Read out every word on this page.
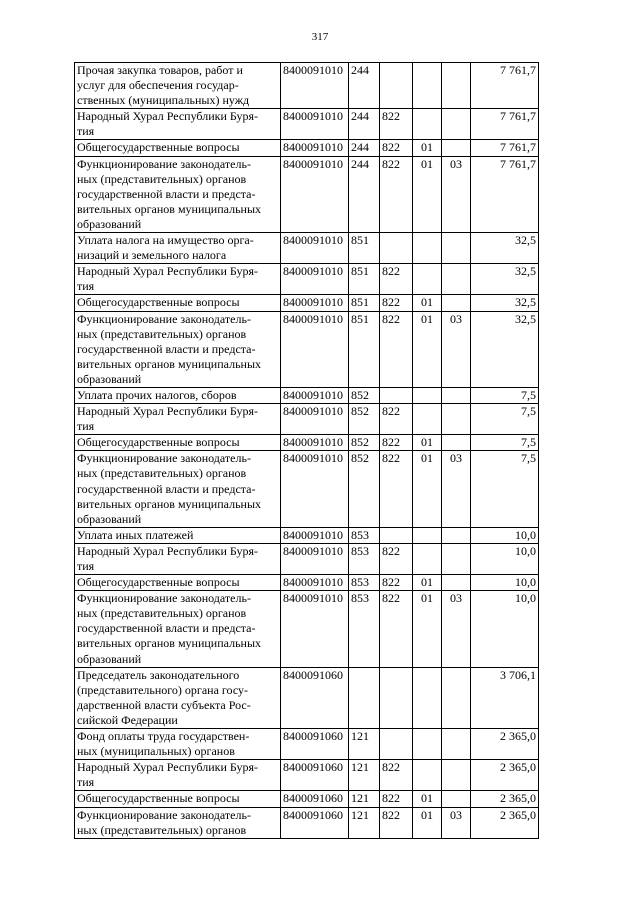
317
Прочая закупка товаров, работ и
услуг для обеспечения государ-
ственных (муниципальных) нужд	8400091010	244				7 761,7

Народный Хурал Республики Буря-
тия	8400091010	244	822			7 761,7

Общегосударственные вопросы	8400091010	244	822	01		7 761,7

Функционирование законодатель-
ных (представительных) органов
государственной власти и предста-
вительных органов муниципальных
образований	8400091010	244	822	01	03	7 761,7

Уплата налога на имущество орга-
низаций и земельного налога	8400091010	851				32,5

Народный Хурал Республики Буря-
тия	8400091010	851	822			32,5

Общегосударственные вопросы	8400091010	851	822	01		32,5

Функционирование законодатель-
ных (представительных) органов
государственной власти и предста-
вительных органов муниципальных
образований	8400091010	851	822	01	03	32,5

Уплата прочих налогов, сборов	8400091010	852				7,5

Народный Хурал Республики Буря-
тия	8400091010	852	822			7,5

Общегосударственные вопросы	8400091010	852	822	01		7,5

Функционирование законодатель-
ных (представительных) органов
государственной власти и предста-
вительных органов муниципальных
образований	8400091010	852	822	01	03	7,5

Уплата иных платежей	8400091010	853				10,0

Народный Хурал Республики Буря-
тия	8400091010	853	822			10,0

Общегосударственные вопросы	8400091010	853	822	01		10,0

Функционирование законодатель-
ных (представительных) органов
государственной власти и предста-
вительных органов муниципальных
образований	8400091010	853	822	01	03	10,0

Председатель законодательного
(представительного) органа госу-
дарственной власти субъекта Рос-
сийской Федерации	8400091060					3 706,1

Фонд оплаты труда государствен-
ных (муниципальных) органов	8400091060	121				2 365,0

Народный Хурал Республики Буря-
тия	8400091060	121	822			2 365,0

Общегосударственные вопросы	8400091060	121	822	01		2 365,0

Функционирование законодатель-
ных (представительных) органов	8400091060	121	822	01	03	2 365,0
